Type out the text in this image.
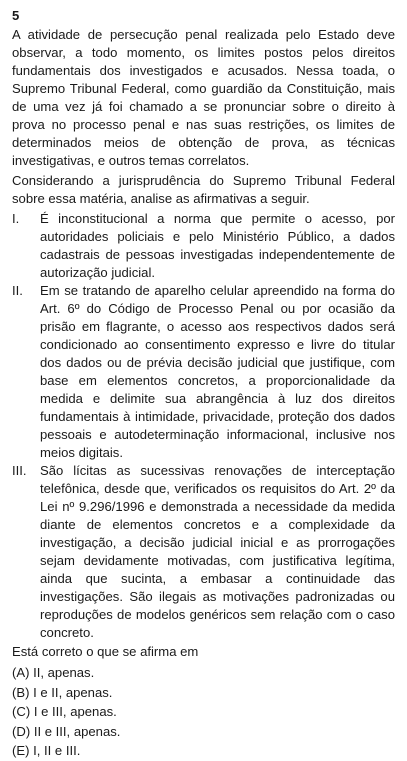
5

A atividade de persecução penal realizada pelo Estado deve observar, a todo momento, os limites postos pelos direitos fundamentais dos investigados e acusados. Nessa toada, o Supremo Tribunal Federal, como guardião da Constituição, mais de uma vez já foi chamado a se pronunciar sobre o direito à prova no processo penal e nas suas restrições, os limites de determinados meios de obtenção de prova, as técnicas investigativas, e outros temas correlatos.

Considerando a jurisprudência do Supremo Tribunal Federal sobre essa matéria, analise as afirmativas a seguir.

I.	É inconstitucional a norma que permite o acesso, por autoridades policiais e pelo Ministério Público, a dados cadastrais de pessoas investigadas independentemente de autorização judicial.
II.	Em se tratando de aparelho celular apreendido na forma do Art. 6º do Código de Processo Penal ou por ocasião da prisão em flagrante, o acesso aos respectivos dados será condicionado ao consentimento expresso e livre do titular dos dados ou de prévia decisão judicial que justifique, com base em elementos concretos, a proporcionalidade da medida e delimite sua abrangência à luz dos direitos fundamentais à intimidade, privacidade, proteção dos dados pessoais e autodeterminação informacional, inclusive nos meios digitais.
III.	São lícitas as sucessivas renovações de interceptação telefônica, desde que, verificados os requisitos do Art. 2º da Lei nº 9.296/1996 e demonstrada a necessidade da medida diante de elementos concretos e a complexidade da investigação, a decisão judicial inicial e as prorrogações sejam devidamente motivadas, com justificativa legítima, ainda que sucinta, a embasar a continuidade das investigações. São ilegais as motivações padronizadas ou reproduções de modelos genéricos sem relação com o caso concreto.

Está correto o que se afirma em

(A) II, apenas.
(B) I e II, apenas.
(C) I e III, apenas.
(D) II e III, apenas.
(E) I, II e III.
